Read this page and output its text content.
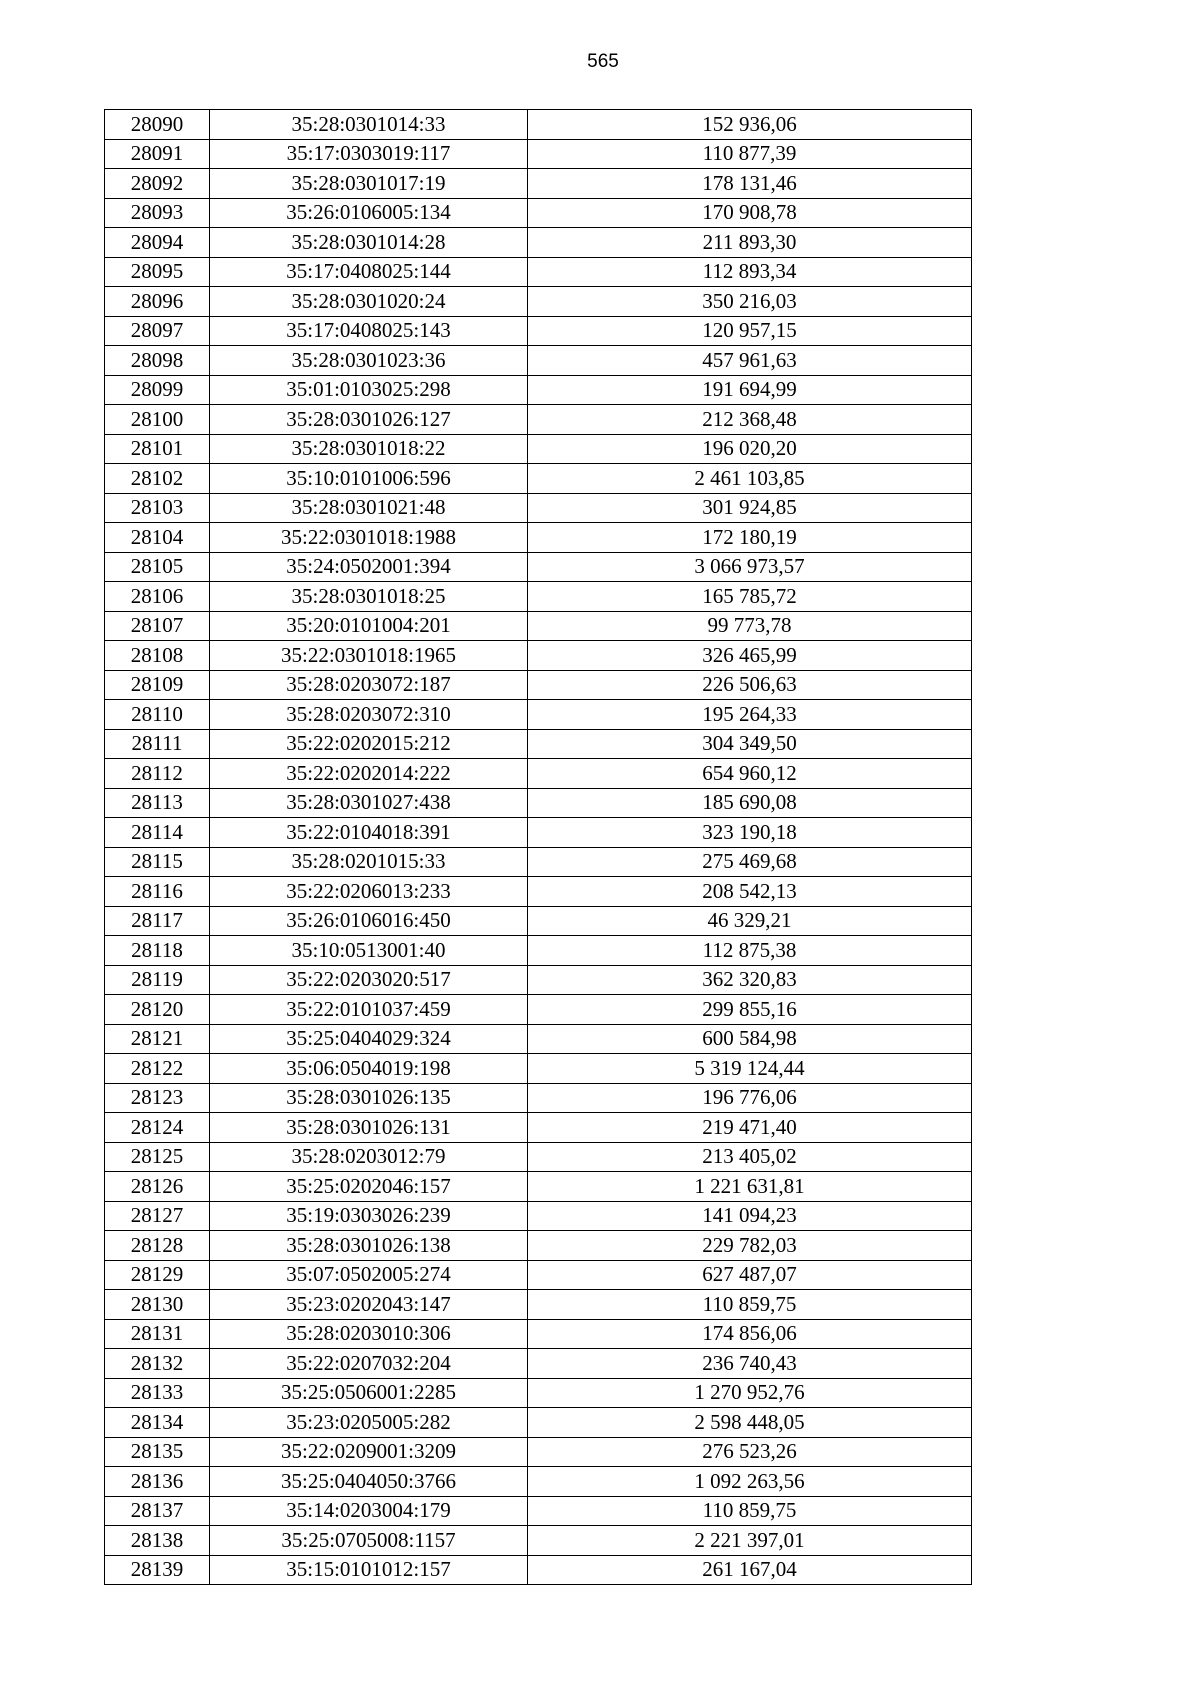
565
28090	35:28:0301014:33	152 936,06
28091	35:17:0303019:117	110 877,39
28092	35:28:0301017:19	178 131,46
28093	35:26:0106005:134	170 908,78
28094	35:28:0301014:28	211 893,30
28095	35:17:0408025:144	112 893,34
28096	35:28:0301020:24	350 216,03
28097	35:17:0408025:143	120 957,15
28098	35:28:0301023:36	457 961,63
28099	35:01:0103025:298	191 694,99
28100	35:28:0301026:127	212 368,48
28101	35:28:0301018:22	196 020,20
28102	35:10:0101006:596	2 461 103,85
28103	35:28:0301021:48	301 924,85
28104	35:22:0301018:1988	172 180,19
28105	35:24:0502001:394	3 066 973,57
28106	35:28:0301018:25	165 785,72
28107	35:20:0101004:201	99 773,78
28108	35:22:0301018:1965	326 465,99
28109	35:28:0203072:187	226 506,63
28110	35:28:0203072:310	195 264,33
28111	35:22:0202015:212	304 349,50
28112	35:22:0202014:222	654 960,12
28113	35:28:0301027:438	185 690,08
28114	35:22:0104018:391	323 190,18
28115	35:28:0201015:33	275 469,68
28116	35:22:0206013:233	208 542,13
28117	35:26:0106016:450	46 329,21
28118	35:10:0513001:40	112 875,38
28119	35:22:0203020:517	362 320,83
28120	35:22:0101037:459	299 855,16
28121	35:25:0404029:324	600 584,98
28122	35:06:0504019:198	5 319 124,44
28123	35:28:0301026:135	196 776,06
28124	35:28:0301026:131	219 471,40
28125	35:28:0203012:79	213 405,02
28126	35:25:0202046:157	1 221 631,81
28127	35:19:0303026:239	141 094,23
28128	35:28:0301026:138	229 782,03
28129	35:07:0502005:274	627 487,07
28130	35:23:0202043:147	110 859,75
28131	35:28:0203010:306	174 856,06
28132	35:22:0207032:204	236 740,43
28133	35:25:0506001:2285	1 270 952,76
28134	35:23:0205005:282	2 598 448,05
28135	35:22:0209001:3209	276 523,26
28136	35:25:0404050:3766	1 092 263,56
28137	35:14:0203004:179	110 859,75
28138	35:25:0705008:1157	2 221 397,01
28139	35:15:0101012:157	261 167,04
